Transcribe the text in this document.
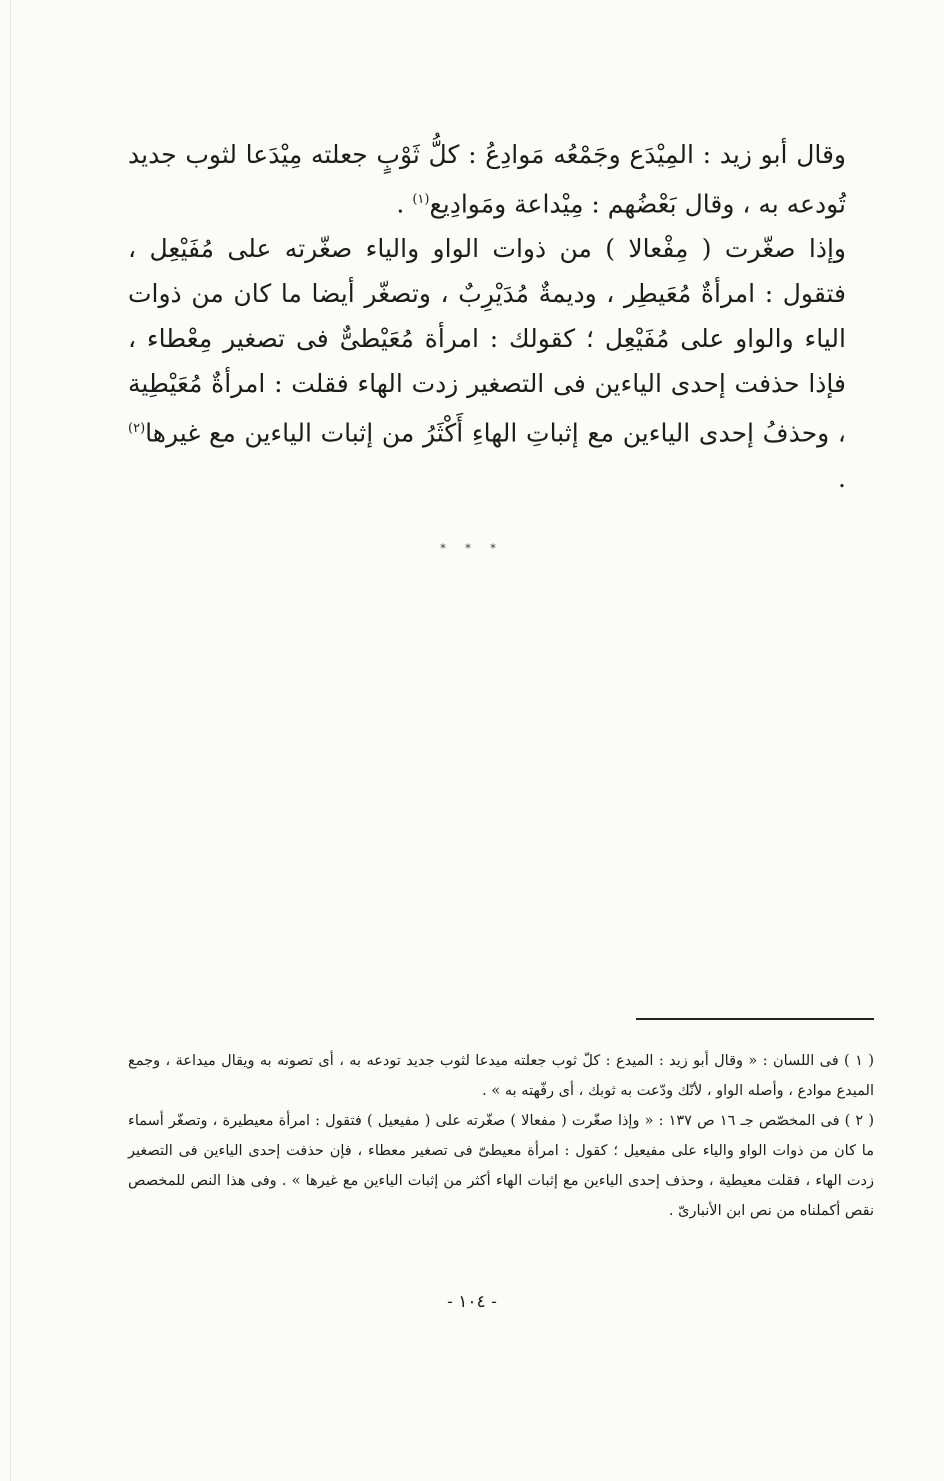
وقال أبو زيد : المِيْدَع وجَمْعُه مَوادِعُ : كلُّ ثَوْبٍ جعلته مِيْدَعا لثوب جديد تُودعه به ، وقال بَعْضُهم : مِيْداعة ومَوادِيع$^{(١)}$ .

وإذا صغّرت ( مِفْعالا ) من ذوات الواو والياء صغّرته على مُفَيْعِل ، فتقول : امرأةٌ مُعَيطِر ، وديمةٌ مُدَيْرِبٌ ، وتصغّر أيضا ما كان من ذوات الياء والواو على مُفَيْعِل ؛ كقولك : امرأة مُعَيْطىٌّ فى تصغير مِعْطاء ، فإذا حذفت إحدى الياءين فى التصغير زدت الهاء فقلت : امرأةٌ مُعَيْطِية ، وحذفُ إحدى الياءين مع إثباتِ الهاءِ أَكْثَرُ من إثبات الياءين مع غيرها$^{(٢)}$ .

* * *

( ١ ) فى اللسان : « وقال أبو زيد : الميدع : كلّ ثوب جعلته ميدعا لثوب جديد تودعه به ، أى تصونه به ويقال ميداعة ، وجمع الميدع موادع ، وأصله الواو ، لأنّك ودّعت به ثوبك ، أى رفّهته به » .

( ٢ ) فى المخصّص جـ ١٦ ص ١٣٧ : « وإذا صغّرت ( مفعالا ) صغّرته على ( مفيعيل ) فتقول : امرأة معيطيرة ، وتصغّر أسماء ما كان من ذوات الواو والياء على مفيعيل ؛ كقول : امرأة معيطىّ فى تصغير معطاء ، فإن حذفت إحدى الياءين فى التصغير زدت الهاء ، فقلت معيطية ، وحذف إحدى الياءين مع إثبات الهاء أكثر من إثبات الياءين مع غيرها » . وفى هذا النص للمخصص نقص أكملناه من نص ابن الأنبارىّ .

- ١٠٤ -
